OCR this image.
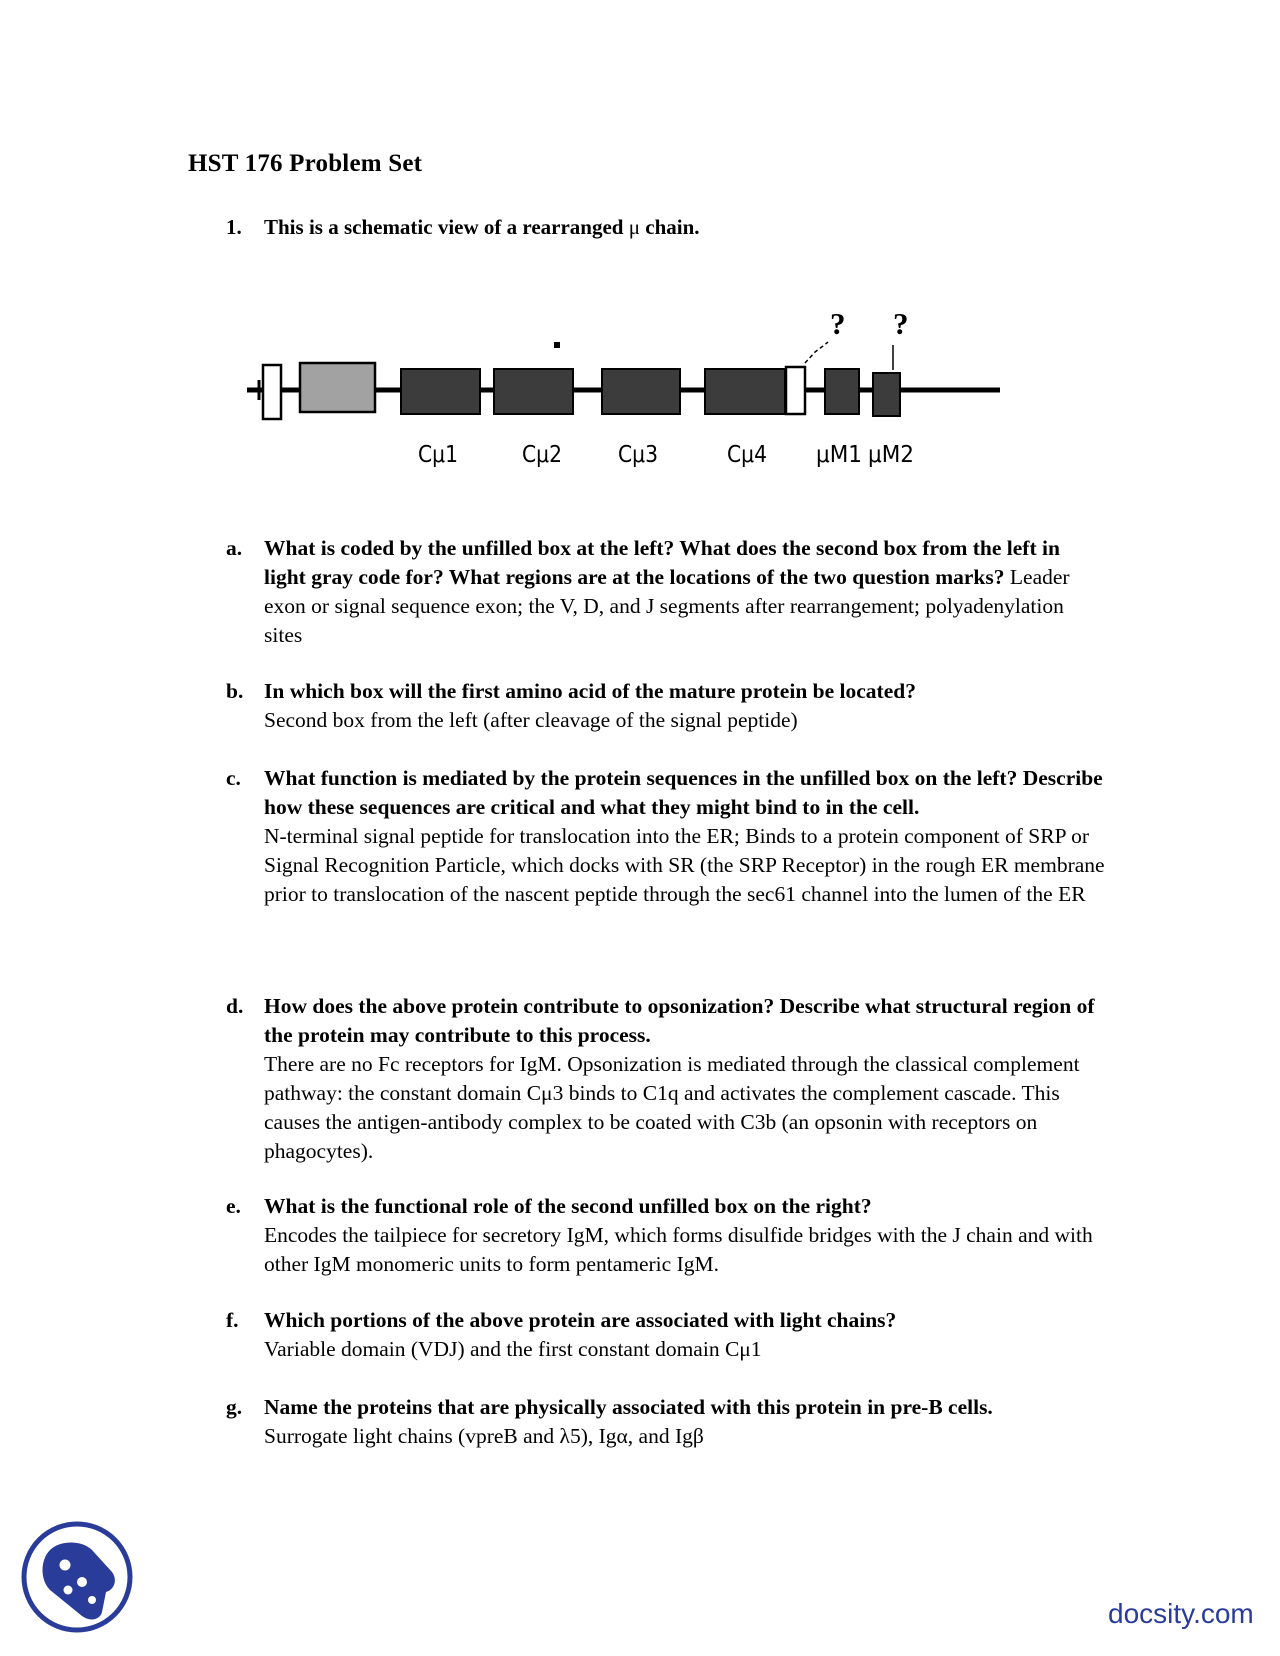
HST 176 Problem Set
1. This is a schematic view of a rearranged μ chain.
? ?
Cμ1	Cμ2 Cμ3	Cμ4 μM1 μM2
a. What is coded by the unfilled box at the left? What does the second box from the left in light gray code for? What regions are at the locations of the two question marks? Leader exon or signal sequence exon; the V, D, and J segments after rearrangement; polyadenylation sites
b. In which box will the first amino acid of the mature protein be located?
Second box from the left (after cleavage of the signal peptide)
c. What function is mediated by the protein sequences in the unfilled box on the left? Describe how these sequences are critical and what they might bind to in the cell.
N-terminal signal peptide for translocation into the ER; Binds to a protein component of SRP or Signal Recognition Particle, which docks with SR (the SRP Receptor) in the rough ER membrane prior to translocation of the nascent peptide through the sec61 channel into the lumen of the ER
d. How does the above protein contribute to opsonization? Describe what structural region of the protein may contribute to this process.
There are no Fc receptors for IgM. Opsonization is mediated through the classical complement pathway: the constant domain Cμ3 binds to C1q and activates the complement cascade. This causes the antigen-antibody complex to be coated with C3b (an opsonin with receptors on phagocytes).
e. What is the functional role of the second unfilled box on the right?
Encodes the tailpiece for secretory IgM, which forms disulfide bridges with the J chain and with other IgM monomeric units to form pentameric IgM.
f. Which portions of the above protein are associated with light chains?
Variable domain (VDJ) and the first constant domain Cμ1
g. Name the proteins that are physically associated with this protein in pre-B cells.
Surrogate light chains (vpreB and λ5), Igα, and Igβ
docsity.com
